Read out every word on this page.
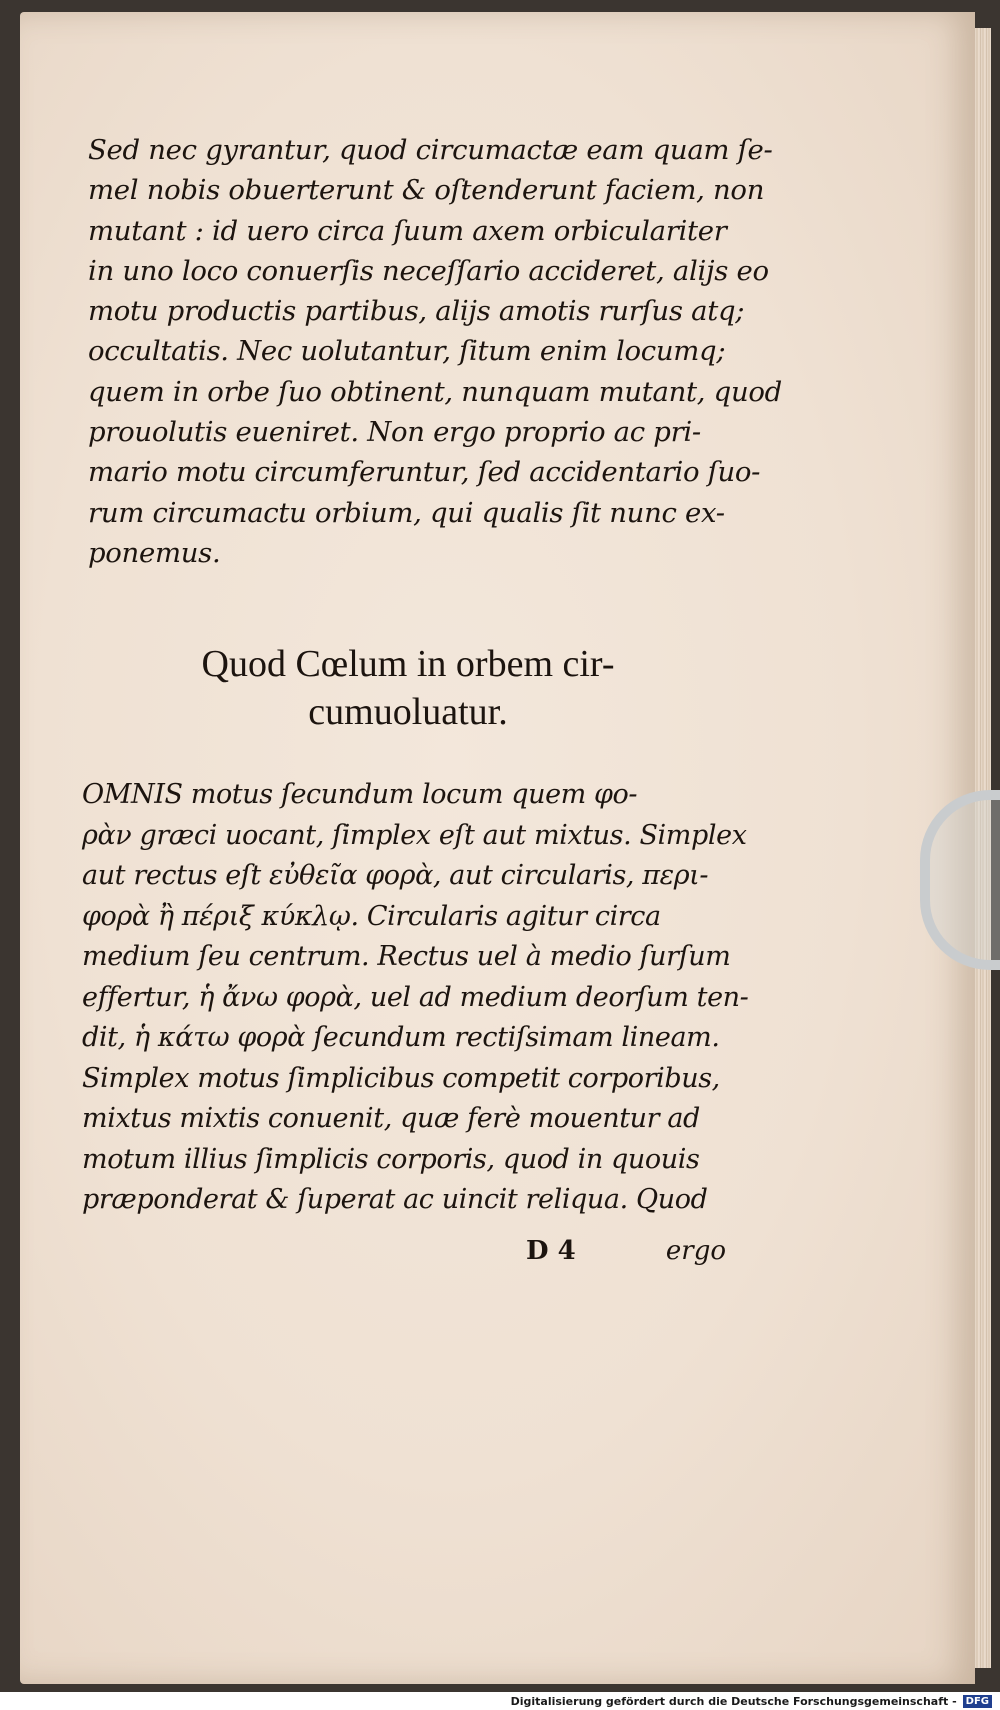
Sed nec gyrantur, quod circumactæ eam quam ſe-
mel nobis obuerterunt & oſtenderunt faciem, non
mutant : id uero circa ſuum axem orbiculariter
in uno loco conuerſis neceſſario accideret, alijs eo
motu productis partibus, alijs amotis rurſus atq;
occultatis. Nec uolutantur, ſitum enim locumq;
quem in orbe ſuo obtinent, nunquam mutant, quod
prouolutis eueniret. Non ergo proprio ac pri-
mario motu circumferuntur, ſed accidentario ſuo-
rum circumactu orbium, qui qualis ſit nunc ex-
ponemus.
Quod Cœlum in orbem cir-
cumuoluatur.
OMNIS motus ſecundum locum quem φο-
ρὰν græci uocant, ſimplex eſt aut mixtus. Simplex
aut rectus eſt εὐθεῖα φορὰ, aut circularis, περι-
φορὰ ἢ πέριξ κύκλῳ. Circularis agitur circa
medium ſeu centrum. Rectus uel à medio ſurſum
effertur, ἡ ἄνω φορὰ, uel ad medium deorſum ten-
dit, ἡ κάτω φορὰ ſecundum rectiſsimam lineam.
Simplex motus ſimplicibus competit corporibus,
mixtus mixtis conuenit, quæ ferè mouentur ad
motum illius ſimplicis corporis, quod in quouis
præponderat & ſuperat ac uincit reliqua. Quod
D 4	ergo
Digitalisierung gefördert durch die Deutsche Forschungsgemeinschaft - DFG
